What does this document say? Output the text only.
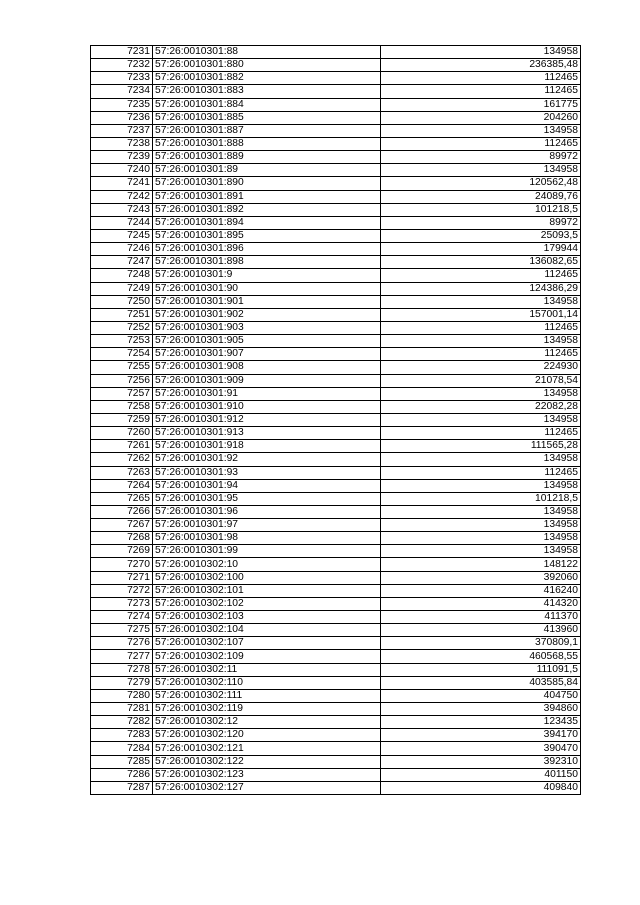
7231	57:26:0010301:88	134958
7232	57:26:0010301:880	236385,48
7233	57:26:0010301:882	112465
7234	57:26:0010301:883	112465
7235	57:26:0010301:884	161775
7236	57:26:0010301:885	204260
7237	57:26:0010301:887	134958
7238	57:26:0010301:888	112465
7239	57:26:0010301:889	89972
7240	57:26:0010301:89	134958
7241	57:26:0010301:890	120562,48
7242	57:26:0010301:891	24089,76
7243	57:26:0010301:892	101218,5
7244	57:26:0010301:894	89972
7245	57:26:0010301:895	25093,5
7246	57:26:0010301:896	179944
7247	57:26:0010301:898	136082,65
7248	57:26:0010301:9	112465
7249	57:26:0010301:90	124386,29
7250	57:26:0010301:901	134958
7251	57:26:0010301:902	157001,14
7252	57:26:0010301:903	112465
7253	57:26:0010301:905	134958
7254	57:26:0010301:907	112465
7255	57:26:0010301:908	224930
7256	57:26:0010301:909	21078,54
7257	57:26:0010301:91	134958
7258	57:26:0010301:910	22082,28
7259	57:26:0010301:912	134958
7260	57:26:0010301:913	112465
7261	57:26:0010301:918	111565,28
7262	57:26:0010301:92	134958
7263	57:26:0010301:93	112465
7264	57:26:0010301:94	134958
7265	57:26:0010301:95	101218,5
7266	57:26:0010301:96	134958
7267	57:26:0010301:97	134958
7268	57:26:0010301:98	134958
7269	57:26:0010301:99	134958
7270	57:26:0010302:10	148122
7271	57:26:0010302:100	392060
7272	57:26:0010302:101	416240
7273	57:26:0010302:102	414320
7274	57:26:0010302:103	411370
7275	57:26:0010302:104	413960
7276	57:26:0010302:107	370809,1
7277	57:26:0010302:109	460568,55
7278	57:26:0010302:11	111091,5
7279	57:26:0010302:110	403585,84
7280	57:26:0010302:111	404750
7281	57:26:0010302:119	394860
7282	57:26:0010302:12	123435
7283	57:26:0010302:120	394170
7284	57:26:0010302:121	390470
7285	57:26:0010302:122	392310
7286	57:26:0010302:123	401150
7287	57:26:0010302:127	409840
